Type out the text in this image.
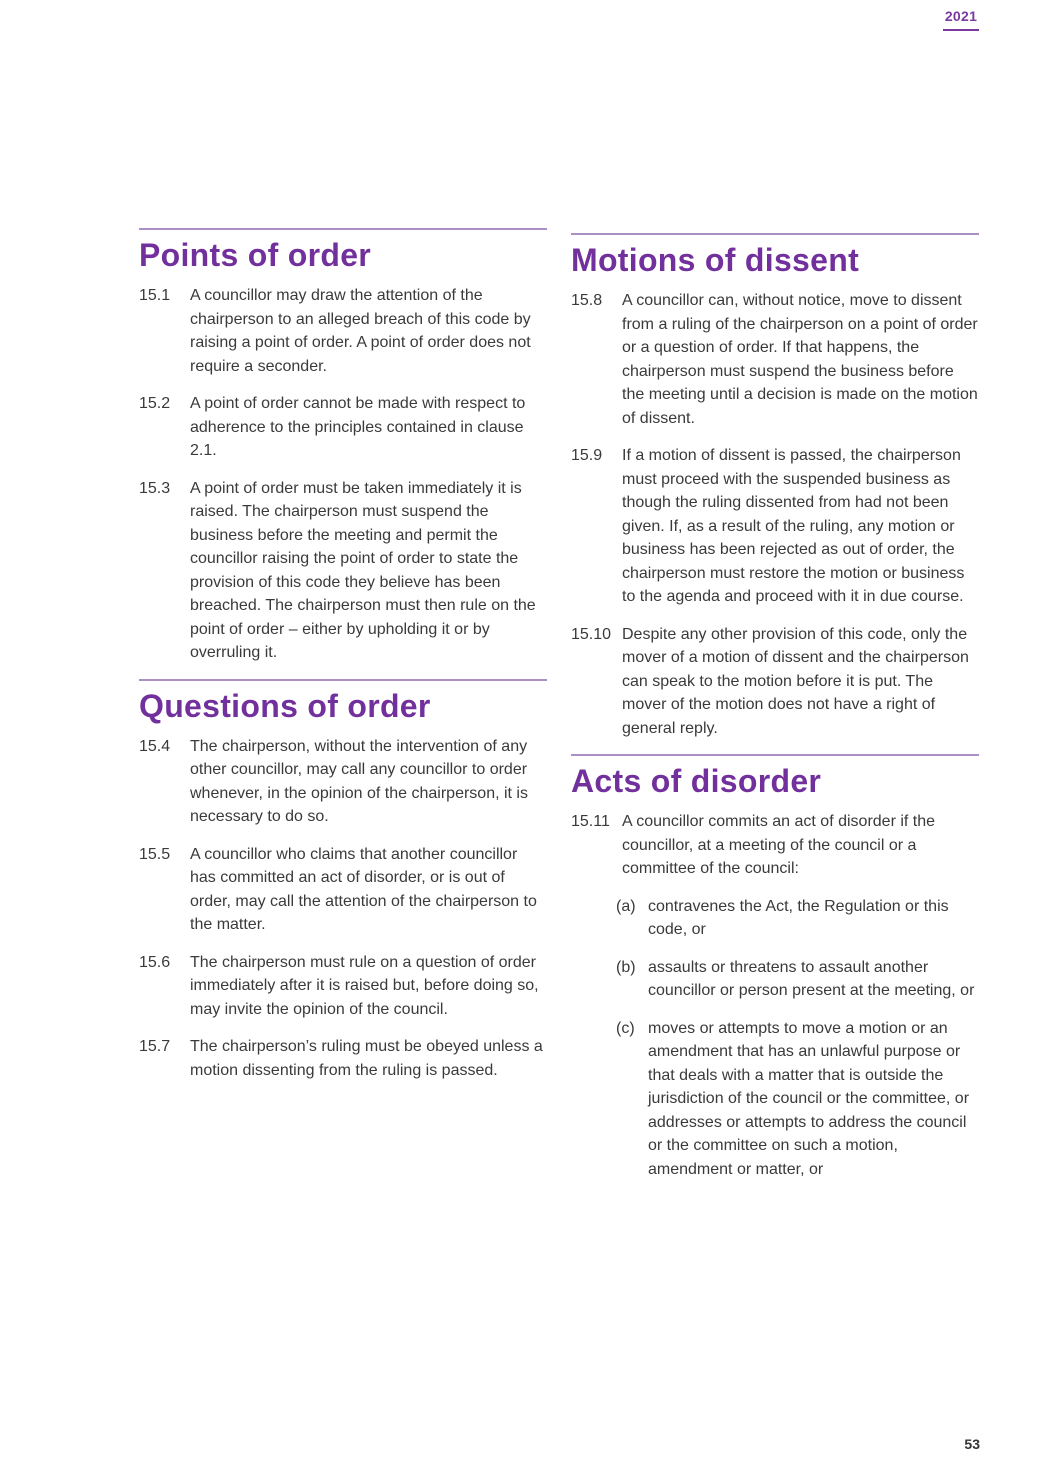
2021
Points of order
15.1	A councillor may draw the attention of the chairperson to an alleged breach of this code by raising a point of order. A point of order does not require a seconder.
15.2	A point of order cannot be made with respect to adherence to the principles contained in clause 2.1.
15.3	A point of order must be taken immediately it is raised. The chairperson must suspend the business before the meeting and permit the councillor raising the point of order to state the provision of this code they believe has been breached. The chairperson must then rule on the point of order – either by upholding it or by overruling it.
Questions of order
15.4	The chairperson, without the intervention of any other councillor, may call any councillor to order whenever, in the opinion of the chairperson, it is necessary to do so.
15.5	A councillor who claims that another councillor has committed an act of disorder, or is out of order, may call the attention of the chairperson to the matter.
15.6	The chairperson must rule on a question of order immediately after it is raised but, before doing so, may invite the opinion of the council.
15.7	The chairperson’s ruling must be obeyed unless a motion dissenting from the ruling is passed.
Motions of dissent
15.8	A councillor can, without notice, move to dissent from a ruling of the chairperson on a point of order or a question of order. If that happens, the chairperson must suspend the business before the meeting until a decision is made on the motion of dissent.
15.9	If a motion of dissent is passed, the chairperson must proceed with the suspended business as though the ruling dissented from had not been given. If, as a result of the ruling, any motion or business has been rejected as out of order, the chairperson must restore the motion or business to the agenda and proceed with it in due course.
15.10 Despite any other provision of this code, only the mover of a motion of dissent and the chairperson can speak to the motion before it is put. The mover of the motion does not have a right of general reply.
Acts of disorder
15.11 A councillor commits an act of disorder if the councillor, at a meeting of the council or a committee of the council:
(a) contravenes the Act, the Regulation or this code, or
(b) assaults or threatens to assault another councillor or person present at the meeting, or
(c) moves or attempts to move a motion or an amendment that has an unlawful purpose or that deals with a matter that is outside the jurisdiction of the council or the committee, or addresses or attempts to address the council or the committee on such a motion, amendment or matter, or
53
